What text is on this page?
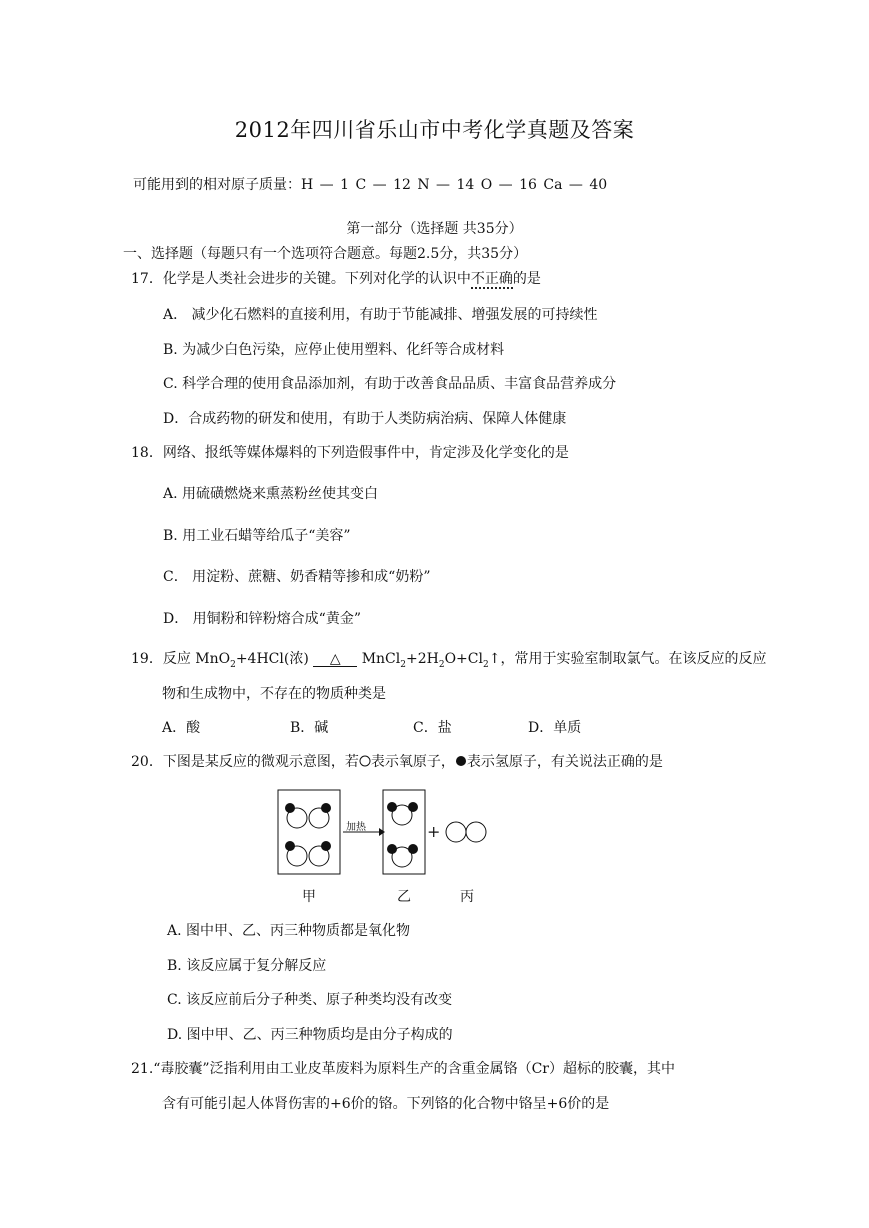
2012年四川省乐山市中考化学真题及答案
可能用到的相对原子质量：H — 1 C — 12 N — 14 O — 16 Ca — 40
第一部分（选择题 共35分）
一、选择题（每题只有一个选项符合题意。每题2.5分，共35分）
17．化学是人类社会进步的关键。下列对化学的认识中不正确的是
A． 减少化石燃料的直接利用，有助于节能减排、增强发展的可持续性
B. 为减少白色污染，应停止使用塑料、化纤等合成材料
C. 科学合理的使用食品添加剂，有助于改善食品品质、丰富食品营养成分
D．合成药物的研发和使用，有助于人类防病治病、保障人体健康
18．网络、报纸等媒体爆料的下列造假事件中，肯定涉及化学变化的是
A. 用硫磺燃烧来熏蒸粉丝使其变白
B. 用工业石蜡等给瓜子“美容”
C． 用淀粉、蔗糖、奶香精等掺和成“奶粉”
D． 用铜粉和锌粉熔合成“黄金”
19．反应 MnO$_2$+4HCl(浓) △ $MnCl_2+2H_2O+Cl_2↑$，常用于实验室制取氯气。在该反应的反应
物和生成物中，不存在的物质种类是
A．酸	B．碱	C．盐	D．单质
20．下图是某反应的微观示意图，若 表示氧原子， 表示氢原子，有关说法正确的是
加热	+
甲	乙	丙
A. 图中甲、乙、丙三种物质都是氧化物
B. 该反应属于复分解反应
C. 该反应前后分子种类、原子种类均没有改变
D. 图中甲、乙、丙三种物质均是由分子构成的
21.“毒胶囊”泛指利用由工业皮革废料为原料生产的含重金属铬（Cr）超标的胶囊，其中
含有可能引起人体肾伤害的+6价的铬。下列铬的化合物中铬呈+6价的是
